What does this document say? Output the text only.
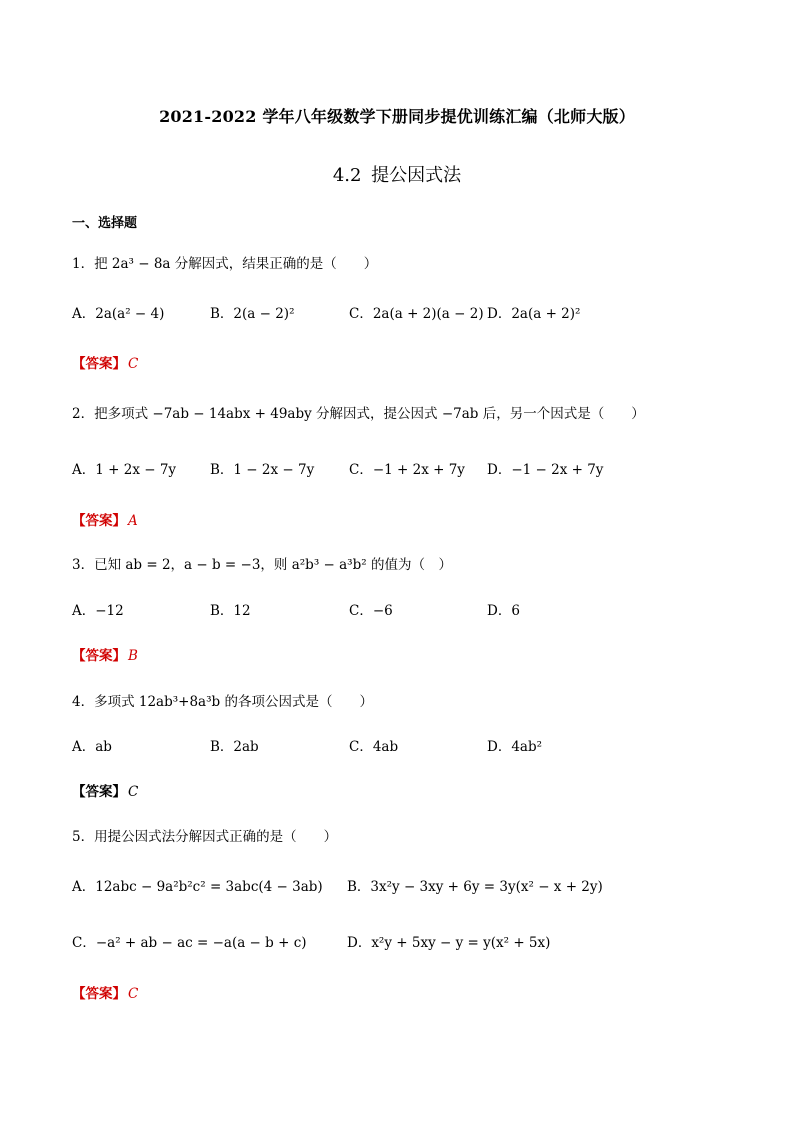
2021-2022 学年八年级数学下册同步提优训练汇编（北师大版）
4.2 提公因式法
一、选择题
1．把 2a³ − 8a 分解因式，结果正确的是（　　）
A．2a(a² − 4)	B．2(a − 2)²	C．2a(a + 2)(a − 2) D．2a(a + 2)²
【答案】 C
2．把多项式 −7ab − 14abx + 49aby 分解因式，提公因式 −7ab 后，另一个因式是（　　）
A．1 + 2x − 7y	B．1 − 2x − 7y	C．−1 + 2x + 7y D．−1 − 2x + 7y
【答案】 A
3．已知 ab = 2，a − b = −3，则 a²b³ − a³b² 的值为（　）
A．−12	B．12	C．−6	D．6
【答案】 B
4．多项式 12ab³+8a³b 的各项公因式是（　　）
A．ab	B．2ab	C．4ab	D．4ab²
【答案】 C
5．用提公因式法分解因式正确的是（　　）
A．12abc − 9a²b²c² = 3abc(4 − 3ab) B．3x²y − 3xy + 6y = 3y(x² − x + 2y)
C．−a² + ab − ac = −a(a − b + c)	D．x²y + 5xy − y = y(x² + 5x)
【答案】 C
